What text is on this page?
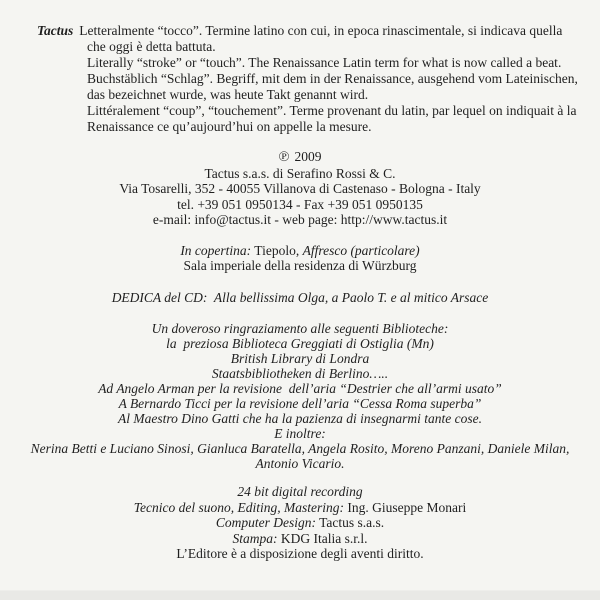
Tactus Letteralmente “tocco”. Termine latino con cui, in epoca rinascimentale, si indicava quella
che oggi è detta battuta.
Literally “stroke” or “touch”. The Renaissance Latin term for what is now called a beat.
Buchstäblich “Schlag”. Begriff, mit dem in der Renaissance, ausgehend vom Lateinischen,
das bezeichnet wurde, was heute Takt genannt wird.
Littéralement “coup”, “touchement”. Terme provenant du latin, par lequel on indiquait à la
Renaissance ce qu’aujourd’hui on appelle la mesure.
℗ 2009
Tactus s.a.s. di Serafino Rossi & C.
Via Tosarelli, 352 - 40055 Villanova di Castenaso - Bologna - Italy
tel. +39 051 0950134 - Fax +39 051 0950135
e-mail: info@tactus.it - web page: http://www.tactus.it
In copertina: Tiepolo, Affresco (particolare)
Sala imperiale della residenza di Würzburg
DEDICA del CD:  Alla bellissima Olga, a Paolo T. e al mitico Arsace
Un doveroso ringraziamento alle seguenti Biblioteche:
la  preziosa Biblioteca Greggiati di Ostiglia (Mn)
British Library di Londra
Staatsbibliotheken di Berlino…..
Ad Angelo Arman per la revisione  dell’aria “Destrier che all’armi usato”
A Bernardo Ticci per la revisione dell’aria “Cessa Roma superba”
Al Maestro Dino Gatti che ha la pazienza di insegnarmi tante cose.
E inoltre:
Nerina Betti e Luciano Sinosi, Gianluca Baratella, Angela Rosito, Moreno Panzani, Daniele Milan,
Antonio Vicario.
24 bit digital recording
Tecnico del suono, Editing, Mastering: Ing. Giuseppe Monari
Computer Design: Tactus s.a.s.
Stampa: KDG Italia s.r.l.
L’Editore è a disposizione degli aventi diritto.
